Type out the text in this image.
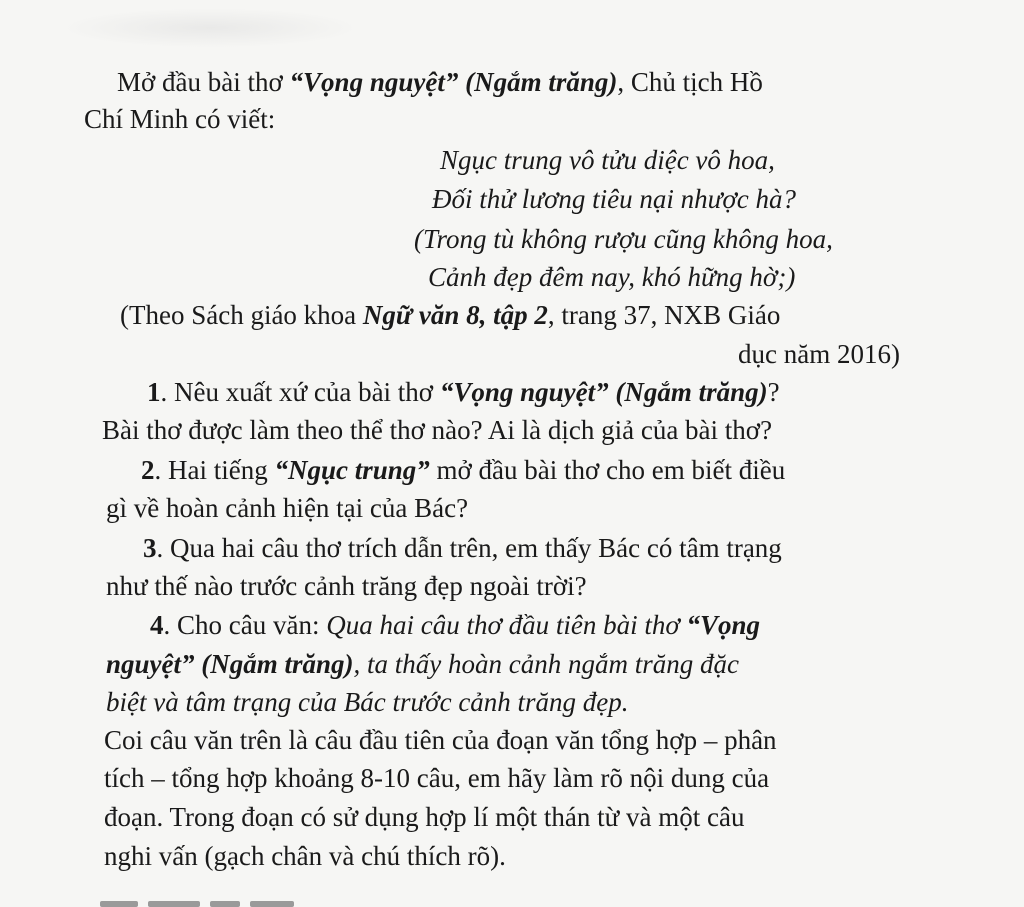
Mở đầu bài thơ “Vọng nguyệt” (Ngắm trăng), Chủ tịch Hồ
Chí Minh có viết:
Ngục trung vô tửu diệc vô hoa,
Đối thử lương tiêu nại nhược hà?
(Trong tù không rượu cũng không hoa,
Cảnh đẹp đêm nay, khó hững hờ;)
(Theo Sách giáo khoa Ngữ văn 8, tập 2, trang 37, NXB Giáo
dục năm 2016)
1. Nêu xuất xứ của bài thơ “Vọng nguyệt” (Ngắm trăng)?
Bài thơ được làm theo thể thơ nào? Ai là dịch giả của bài thơ?
2. Hai tiếng “Ngục trung” mở đầu bài thơ cho em biết điều
gì về hoàn cảnh hiện tại của Bác?
3. Qua hai câu thơ trích dẫn trên, em thấy Bác có tâm trạng
như thế nào trước cảnh trăng đẹp ngoài trời?
4. Cho câu văn: Qua hai câu thơ đầu tiên bài thơ “Vọng
nguyệt” (Ngắm trăng), ta thấy hoàn cảnh ngắm trăng đặc
biệt và tâm trạng của Bác trước cảnh trăng đẹp.
Coi câu văn trên là câu đầu tiên của đoạn văn tổng hợp – phân
tích – tổng hợp khoảng 8-10 câu, em hãy làm rõ nội dung của
đoạn. Trong đoạn có sử dụng hợp lí một thán từ và một câu
nghi vấn (gạch chân và chú thích rõ).
